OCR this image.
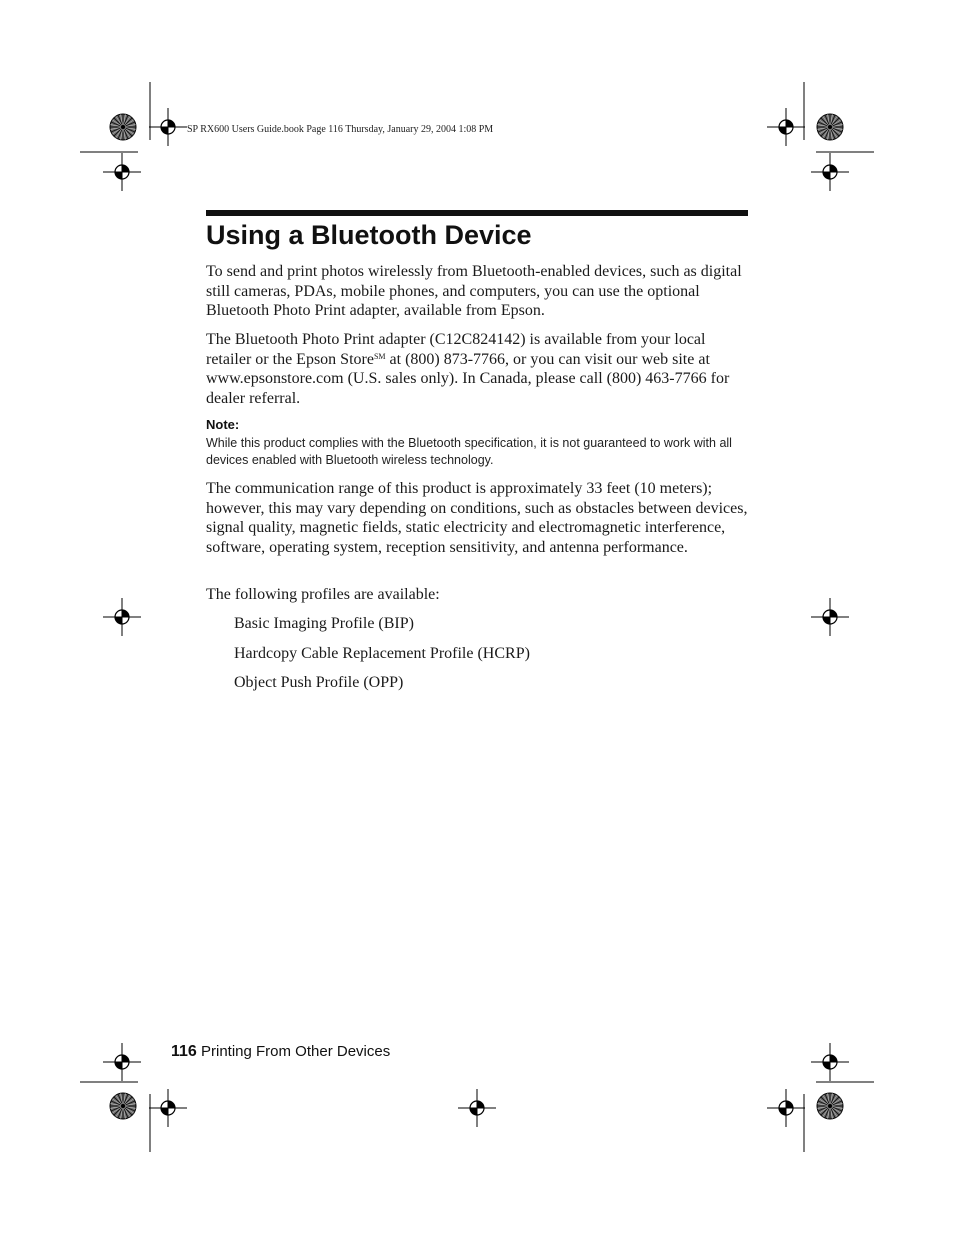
SP RX600 Users Guide.book Page 116 Thursday, January 29, 2004 1:08 PM
Using a Bluetooth Device

To send and print photos wirelessly from Bluetooth-enabled devices, such as digital still cameras, PDAs, mobile phones, and computers, you can use the optional Bluetooth Photo Print adapter, available from Epson.

The Bluetooth Photo Print adapter (C12C824142) is available from your local retailer or the Epson Store℠ at (800) 873-7766, or you can visit our web site at www.epsonstore.com (U.S. sales only). In Canada, please call (800) 463-7766 for dealer referral.

Note:

While this product complies with the Bluetooth specification, it is not guaranteed to work with all devices enabled with Bluetooth wireless technology.

The communication range of this product is approximately 33 feet (10 meters); however, this may vary depending on conditions, such as obstacles between devices, signal quality, magnetic fields, static electricity and electromagnetic interference, software, operating system, reception sensitivity, and antenna performance.

The following profiles are available:

Basic Imaging Profile (BIP)

Hardcopy Cable Replacement Profile (HCRP)

Object Push Profile (OPP)

116 Printing From Other Devices
